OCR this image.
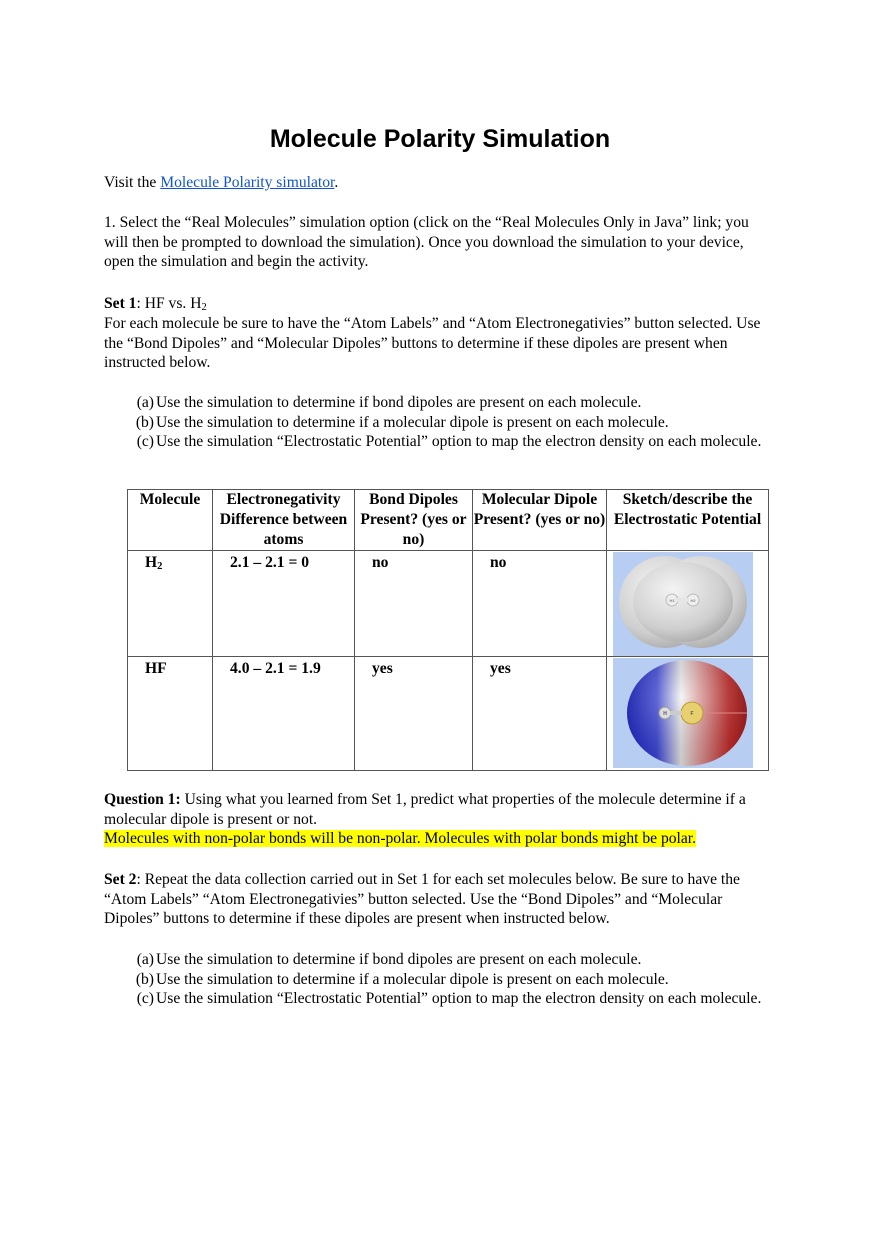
Molecule Polarity Simulation

Visit the Molecule Polarity simulator.

1. Select the “Real Molecules” simulation option (click on the “Real Molecules Only in Java” link; you will then be prompted to download the simulation). Once you download the simulation to your device, open the simulation and begin the activity.

Set 1: HF vs. $H_2$

For each molecule be sure to have the “Atom Labels” and “Atom Electronegativies” button selected. Use the “Bond Dipoles” and “Molecular Dipoles” buttons to determine if these dipoles are present when instructed below.

(a) Use the simulation to determine if bond dipoles are present on each molecule.
(b) Use the simulation to determine if a molecular dipole is present on each molecule.
(c) Use the simulation “Electrostatic Potential” option to map the electron density on each molecule.
Molecule	Electronegativity Difference between atoms	Bond Dipoles Present? (yes or no)	Molecular Dipole Present? (yes or no)	Sketch/describe the Electrostatic Potential
$H_2$	2.1 – 2.1 = 0	no	no	H1 H2

HF	4.0 – 2.1 = 1.9	yes	yes	H F

Question 1: Using what you learned from Set 1, predict what properties of the molecule determine if a molecular dipole is present or not.

Molecules with non-polar bonds will be non-polar. Molecules with polar bonds might be polar.

Set 2: Repeat the data collection carried out in Set 1 for each set molecules below. Be sure to have the “Atom Labels” “Atom Electronegativies” button selected. Use the “Bond Dipoles” and “Molecular Dipoles” buttons to determine if these dipoles are present when instructed below.

(a) Use the simulation to determine if bond dipoles are present on each molecule.
(b) Use the simulation to determine if a molecular dipole is present on each molecule.
(c) Use the simulation “Electrostatic Potential” option to map the electron density on each molecule.
